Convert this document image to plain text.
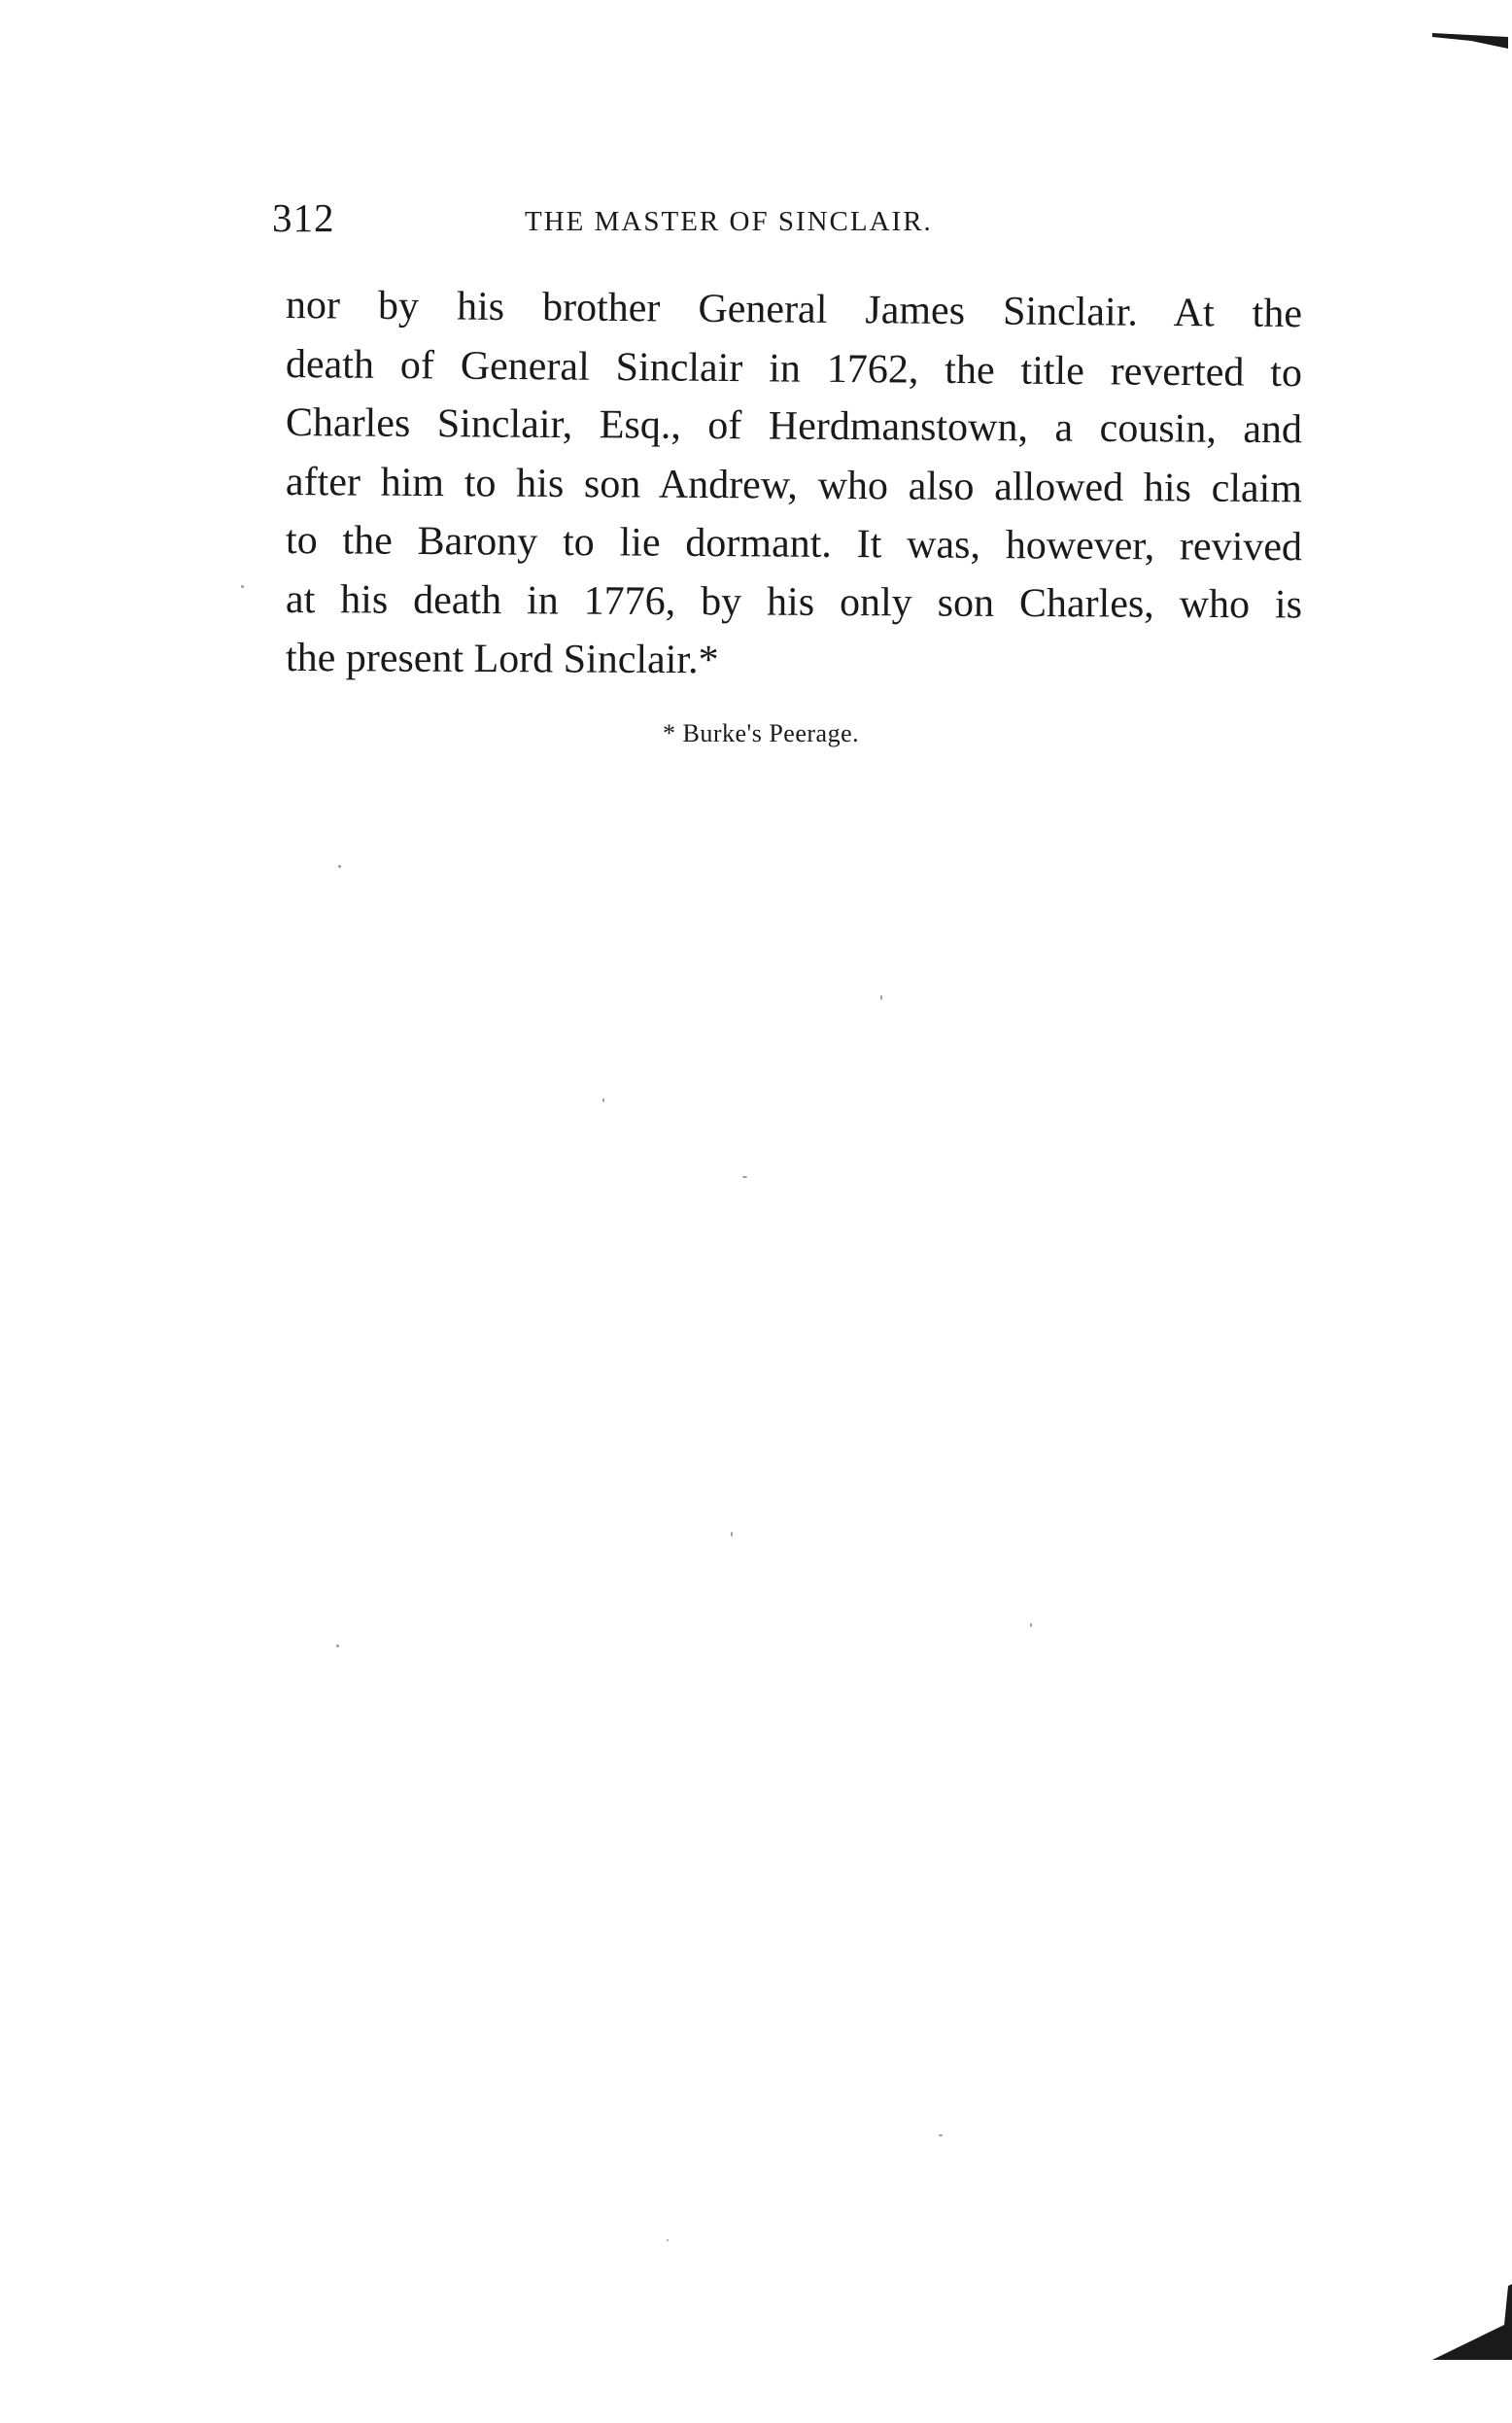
312	THE MASTER OF SINCLAIR.
nor by his brother General James Sinclair. At the
death of General Sinclair in 1762, the title reverted to
Charles Sinclair, Esq., of Herdmanstown, a cousin, and
after him to his son Andrew, who also allowed his claim
to the Barony to lie dormant. It was, however, revived
at his death in 1776, by his only son Charles, who is
the present Lord Sinclair.*
* Burke's Peerage.
